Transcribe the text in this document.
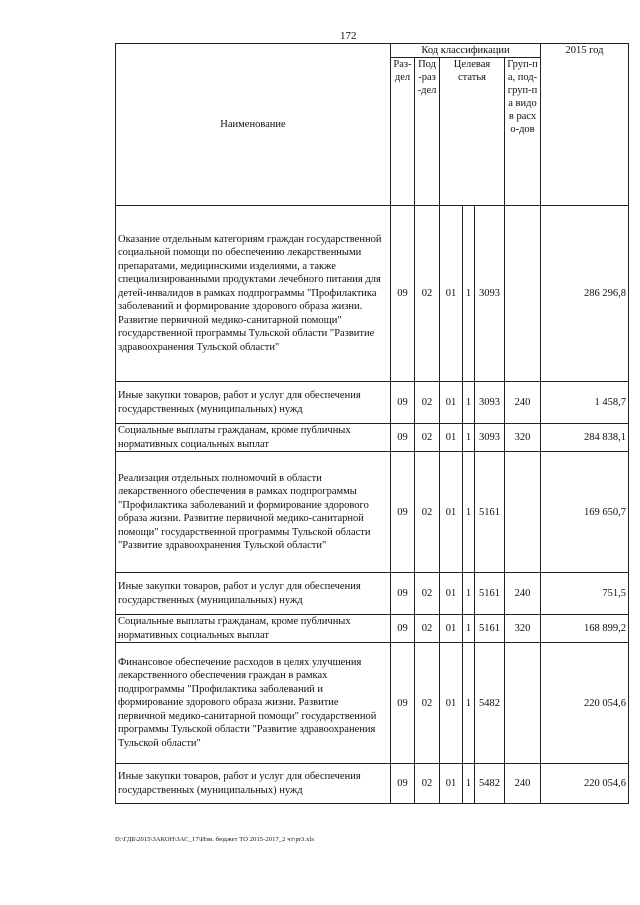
172
Наименование	Код классификации						2015 год
	Раз-дел	Под-раз-дел	Целевая статья			Груп-па, под-груп-па видов расхо-дов	
Оказание отдельным категориям граждан государственной социальной помощи по обеспечению лекарственными препаратами, медицинскими изделиями, а также специализированными продуктами лечебного питания для детей-инвалидов в рамках подпрограммы "Профилактика заболеваний и формирование здорового образа жизни. Развитие первичной медико-санитарной помощи" государственной программы Тульской области "Развитие здравоохранения Тульской области"	09	02	01	1	3093		286 296,8
Иные закупки товаров, работ и услуг для обеспечения государственных (муниципальных) нужд	09	02	01	1	3093	240	1 458,7
Социальные выплаты гражданам, кроме публичных нормативных социальных выплат	09	02	01	1	3093	320	284 838,1
Реализация отдельных полномочий в области лекарственного обеспечения в рамках подпрограммы "Профилактика заболеваний и формирование здорового образа жизни. Развитие первичной медико-санитарной помощи" государственной программы Тульской области "Развитие здравоохранения Тульской области"	09	02	01	1	5161		169 650,7
Иные закупки товаров, работ и услуг для обеспечения государственных (муниципальных) нужд	09	02	01	1	5161	240	751,5
Социальные выплаты гражданам, кроме публичных нормативных социальных выплат	09	02	01	1	5161	320	168 899,2
Финансовое обеспечение расходов в целях улучшения лекарственного обеспечения граждан в рамках подпрограммы "Профилактика заболеваний и формирование здорового образа жизни. Развитие первичной медико-санитарной помощи" государственной программы Тульской области "Развитие здравоохранения Тульской области"	09	02	01	1	5482		220 054,6
Иные закупки товаров, работ и услуг для обеспечения государственных (муниципальных) нужд	09	02	01	1	5482	240	220 054,6
D:\ГДБ\2015\ЗАКОН\ЗАС_17\Изм. бюджет ТО 2015-2017_2 чт\pr3.xls
